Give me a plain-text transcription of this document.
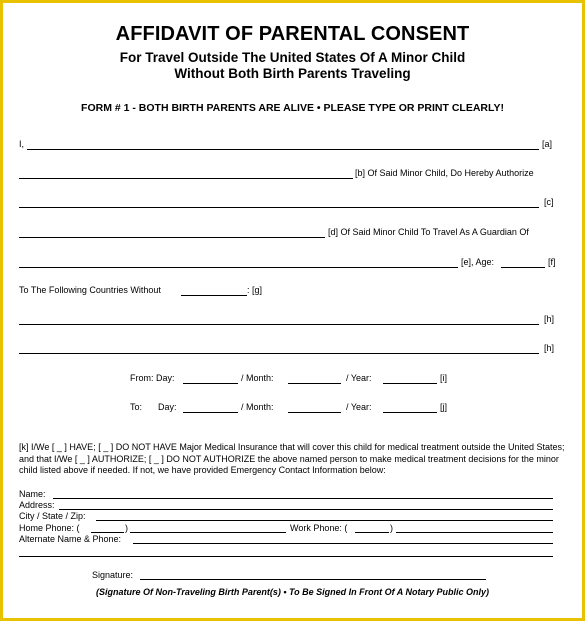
AFFIDAVIT OF PARENTAL CONSENT
For Travel Outside The United States Of A Minor Child
Without Both Birth Parents Traveling
FORM # 1 - BOTH BIRTH PARENTS ARE ALIVE • PLEASE TYPE OR PRINT CLEARLY!
I,	[a]
[b] Of Said Minor Child, Do Hereby Authorize
[c]
[d] Of Said Minor Child To Travel As A Guardian Of
[e], Age:	[f]
To The Following Countries Without	: [g]
[h]
[h]
From: Day:	/ Month:	/ Year:	[i]
To: Day:	/ Month:	/ Year:	[j]
[k] I/We [ _ ] HAVE; [ _ ] DO NOT HAVE Major Medical Insurance that will cover this child for medical treatment outside the United States; and that I/We [ _ ] AUTHORIZE; [ _ ] DO NOT AUTHORIZE the above named person to make medical treatment decisions for the minor child listed above if needed. If not, we have provided Emergency Contact Information below:
Name:
Address:
City / State / Zip:
Home Phone: (	)	Work Phone: (	)
Alternate Name & Phone:
Signature:
(Signature Of Non-Traveling Birth Parent(s) • To Be Signed In Front Of A Notary Public Only)
